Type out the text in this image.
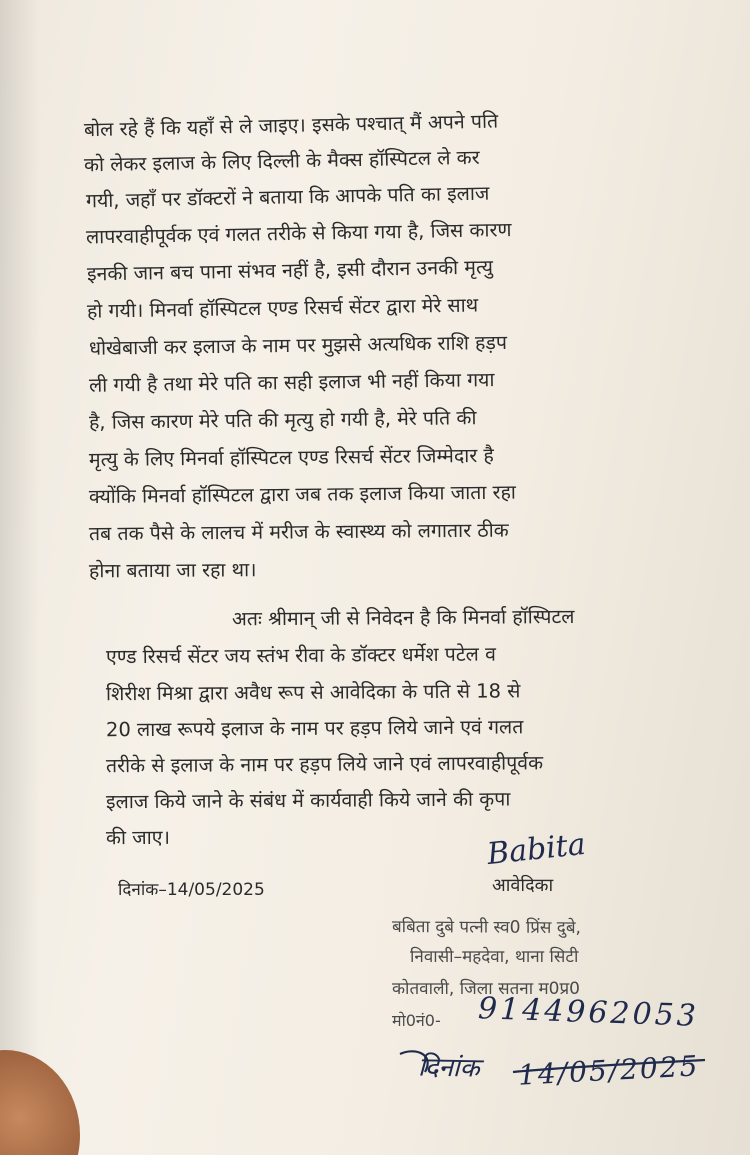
बोल रहे हैं कि यहाँ से ले जाइए। इसके पश्चात् मैं अपने पति
को लेकर इलाज के लिए दिल्ली के मैक्स हॉस्पिटल ले कर
गयी, जहाँ पर डॉक्टरों ने बताया कि आपके पति का इलाज
लापरवाहीपूर्वक एवं गलत तरीके से किया गया है, जिस कारण
इनकी जान बच पाना संभव नहीं है, इसी दौरान उनकी मृत्यु
हो गयी। मिनर्वा हॉस्पिटल एण्ड रिसर्च सेंटर द्वारा मेरे साथ
धोखेबाजी कर इलाज के नाम पर मुझसे अत्यधिक राशि हड़प
ली गयी है तथा मेरे पति का सही इलाज भी नहीं किया गया
है, जिस कारण मेरे पति की मृत्यु हो गयी है, मेरे पति की
मृत्यु के लिए मिनर्वा हॉस्पिटल एण्ड रिसर्च सेंटर जिम्मेदार है
क्योंकि मिनर्वा हॉस्पिटल द्वारा जब तक इलाज किया जाता रहा
तब तक पैसे के लालच में मरीज के स्वास्थ्य को लगातार ठीक
होना बताया जा रहा था।
अतः श्रीमान् जी से निवेदन है कि मिनर्वा हॉस्पिटल
एण्ड रिसर्च सेंटर जय स्तंभ रीवा के डॉक्टर धर्मेश पटेल व
शिरीश मिश्रा द्वारा अवैध रूप से आवेदिका के पति से 18 से
20 लाख रूपये इलाज के नाम पर हड़प लिये जाने एवं गलत
तरीके से इलाज के नाम पर हड़प लिये जाने एवं लापरवाहीपूर्वक
इलाज किये जाने के संबंध में कार्यवाही किये जाने की कृपा
की जाए।
दिनांक–14/05/2025
Babita
आवेदिका
बबिता दुबे पत्नी स्व0 प्रिंस दुबे,
निवासी–महदेवा, थाना सिटी
कोतवाली, जिला सतना म0प्र0
मो0नं0-	9144962053
दिनांक 14/05/2025
